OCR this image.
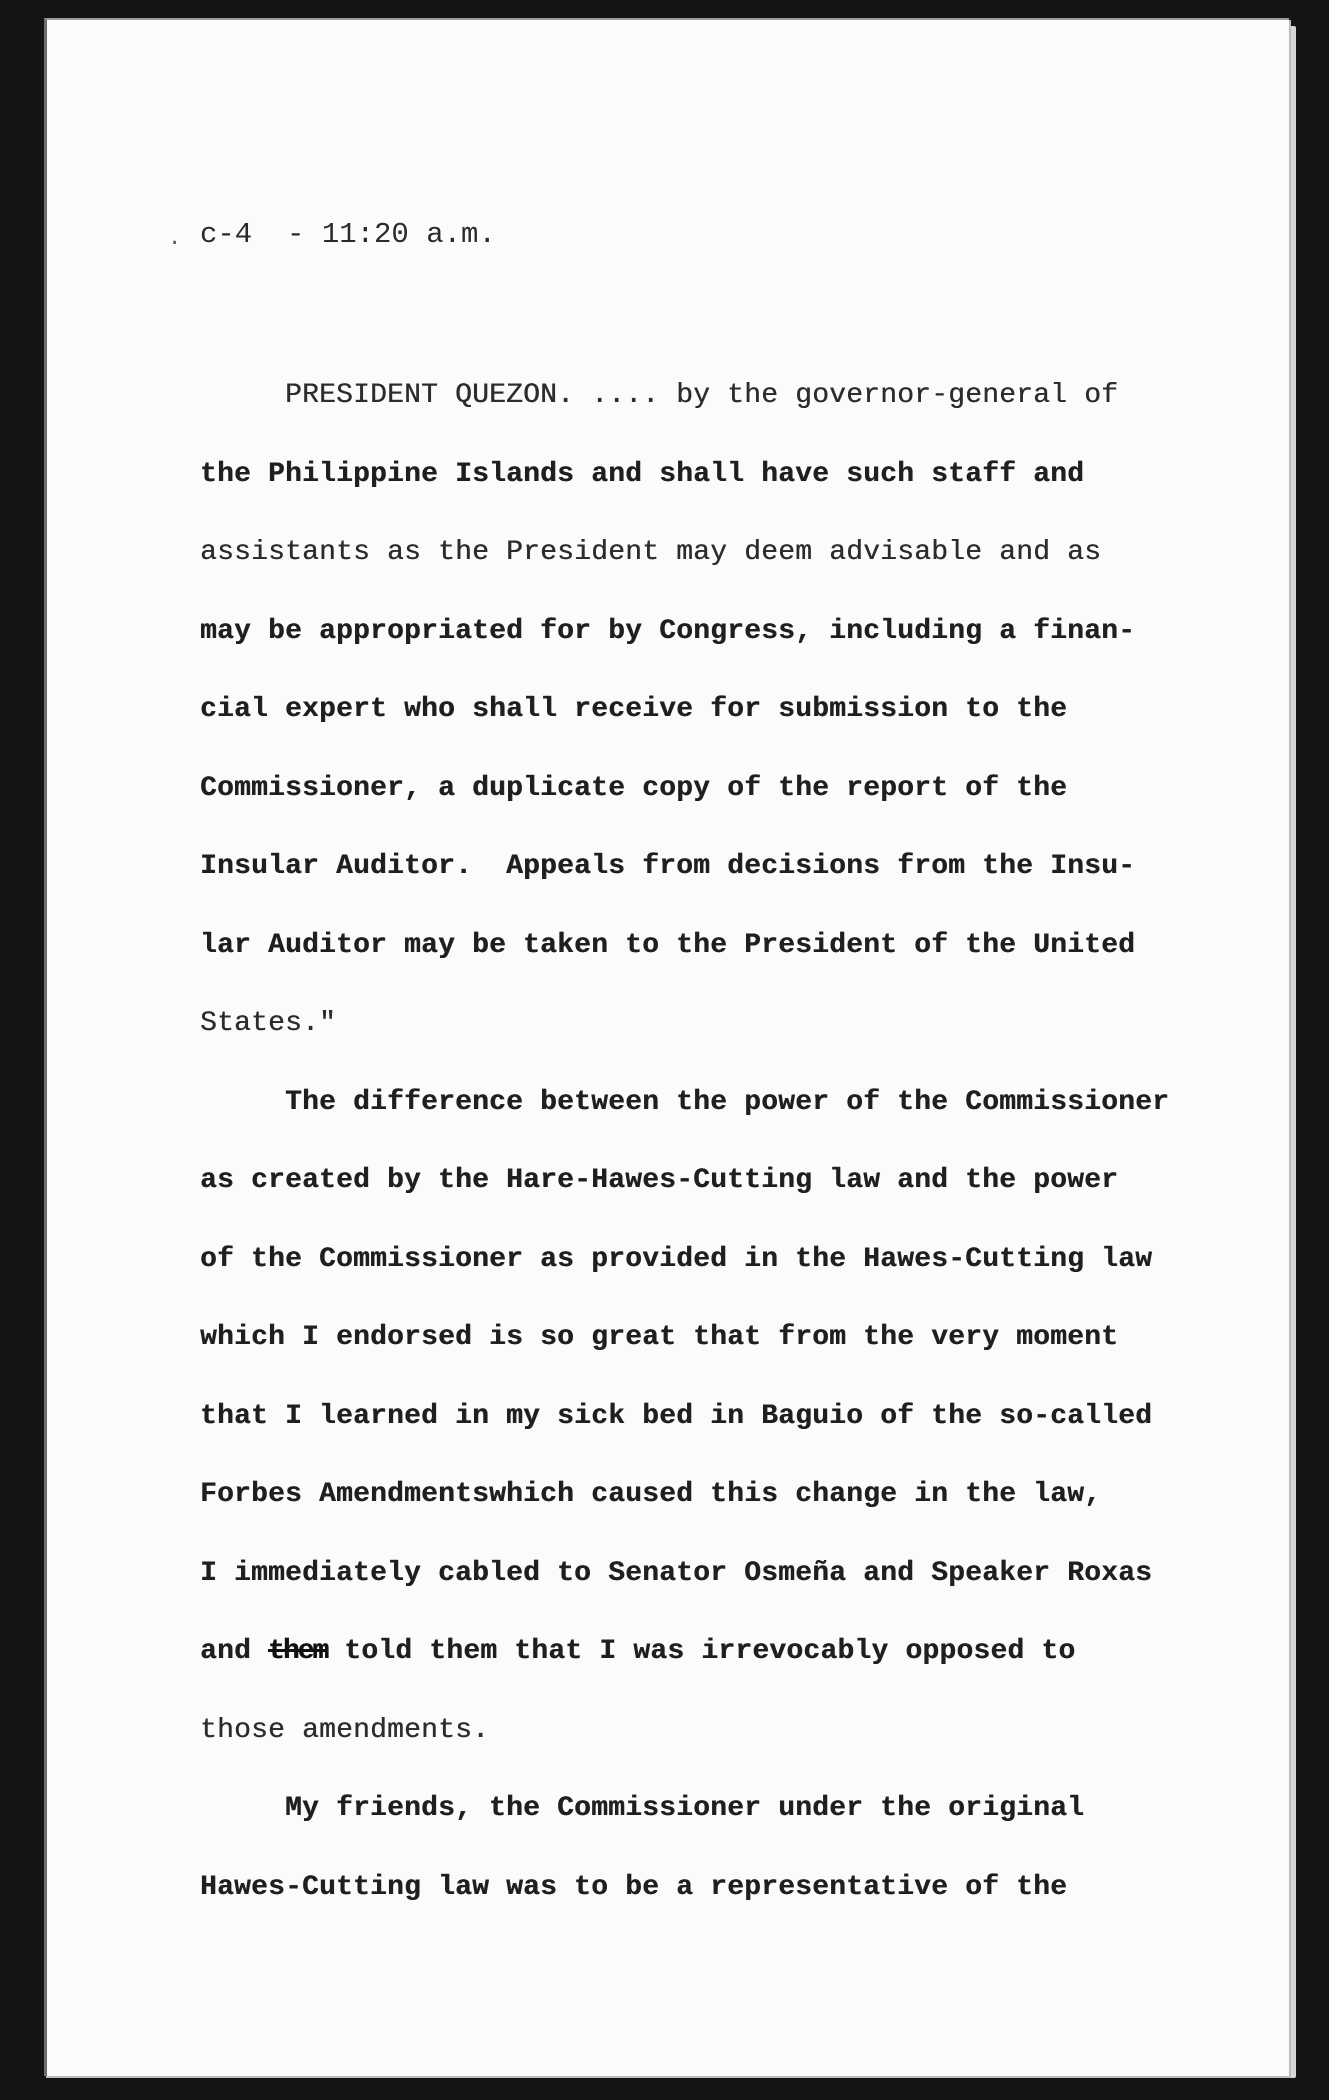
. c-4  - 11:20 a.m.
PRESIDENT QUEZON. .... by the governor-general of
the Philippine Islands and shall have such staff and
assistants as the President may deem advisable and as
may be appropriated for by Congress, including a finan-
cial expert who shall receive for submission to the
Commissioner, a duplicate copy of the report of the
Insular Auditor.  Appeals from decisions from the Insu-
lar Auditor may be taken to the President of the United
States."
The difference between the power of the Commissioner
as created by the Hare-Hawes-Cutting law and the power
of the Commissioner as provided in the Hawes-Cutting law
which I endorsed is so great that from the very moment
that I learned in my sick bed in Baguio of the so-called
Forbes Amendmentswhich caused this change in the law,
I immediately cabled to Senator Osmeña and Speaker Roxas
and them told them that I was irrevocably opposed to
those amendments.
My friends, the Commissioner under the original
Hawes-Cutting law was to be a representative of the
